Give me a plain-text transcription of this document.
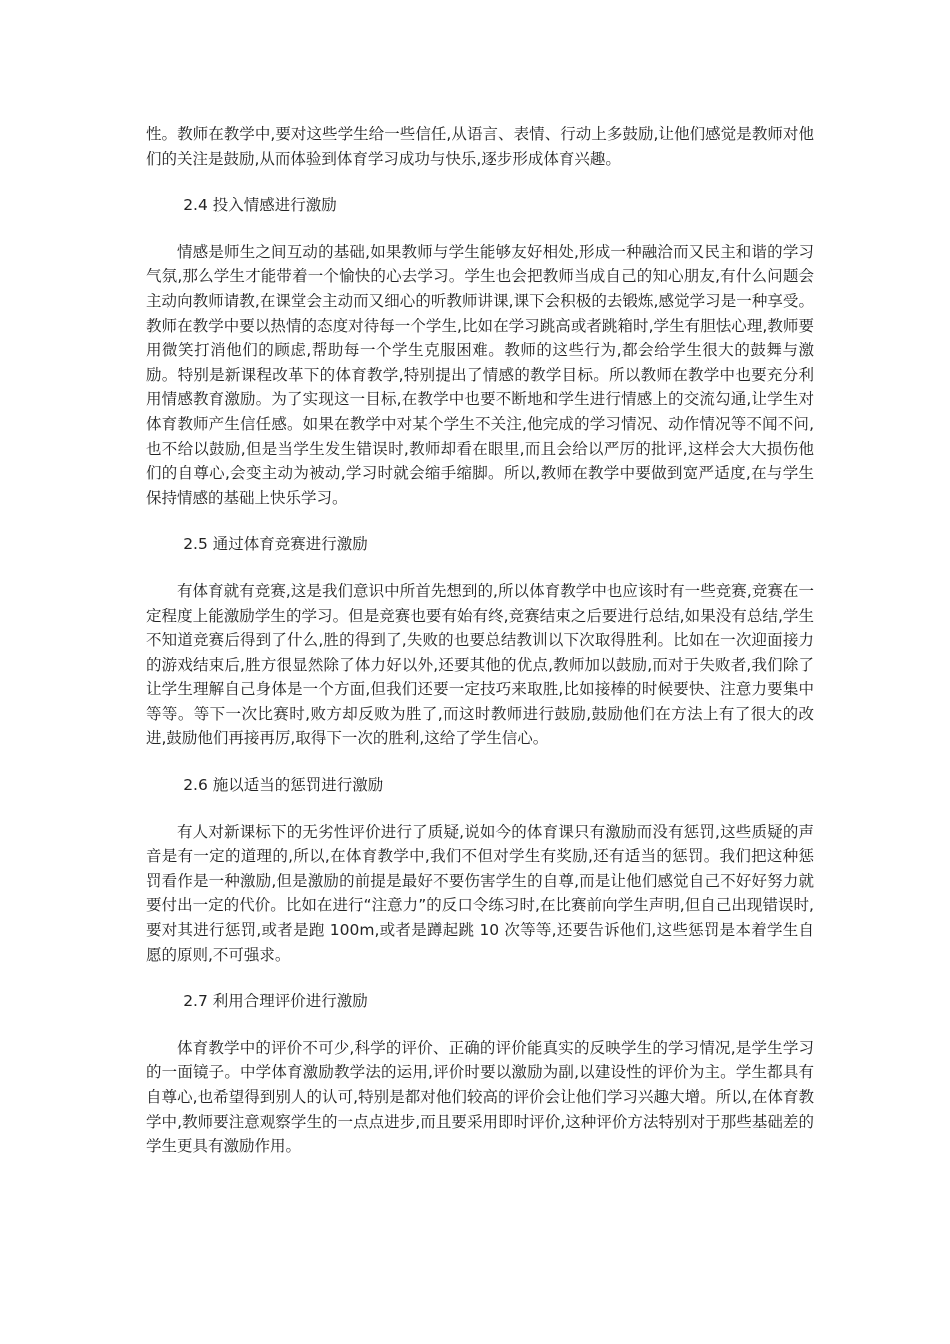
性。教师在教学中,要对这些学生给一些信任,从语言、表情、行动上多鼓励,让他们感觉是教师对他们的关注是鼓励,从而体验到体育学习成功与快乐,逐步形成体育兴趣。

2.4 投入情感进行激励

情感是师生之间互动的基础,如果教师与学生能够友好相处,形成一种融洽而又民主和谐的学习气氛,那么学生才能带着一个愉快的心去学习。学生也会把教师当成自己的知心朋友,有什么问题会主动向教师请教,在课堂会主动而又细心的听教师讲课,课下会积极的去锻炼,感觉学习是一种享受。教师在教学中要以热情的态度对待每一个学生,比如在学习跳高或者跳箱时,学生有胆怯心理,教师要用微笑打消他们的顾虑,帮助每一个学生克服困难。教师的这些行为,都会给学生很大的鼓舞与激励。特别是新课程改革下的体育教学,特别提出了情感的教学目标。所以教师在教学中也要充分利用情感教育激励。为了实现这一目标,在教学中也要不断地和学生进行情感上的交流勾通,让学生对体育教师产生信任感。如果在教学中对某个学生不关注,他完成的学习情况、动作情况等不闻不问,也不给以鼓励,但是当学生发生错误时,教师却看在眼里,而且会给以严厉的批评,这样会大大损伤他们的自尊心,会变主动为被动,学习时就会缩手缩脚。所以,教师在教学中要做到宽严适度,在与学生保持情感的基础上快乐学习。

2.5 通过体育竞赛进行激励

有体育就有竞赛,这是我们意识中所首先想到的,所以体育教学中也应该时有一些竞赛,竞赛在一定程度上能激励学生的学习。但是竞赛也要有始有终,竞赛结束之后要进行总结,如果没有总结,学生不知道竞赛后得到了什么,胜的得到了,失败的也要总结教训以下次取得胜利。比如在一次迎面接力的游戏结束后,胜方很显然除了体力好以外,还要其他的优点,教师加以鼓励,而对于失败者,我们除了让学生理解自己身体是一个方面,但我们还要一定技巧来取胜,比如接棒的时候要快、注意力要集中等等。等下一次比赛时,败方却反败为胜了,而这时教师进行鼓励,鼓励他们在方法上有了很大的改进,鼓励他们再接再厉,取得下一次的胜利,这给了学生信心。

2.6 施以适当的惩罚进行激励

有人对新课标下的无劣性评价进行了质疑,说如今的体育课只有激励而没有惩罚,这些质疑的声音是有一定的道理的,所以,在体育教学中,我们不但对学生有奖励,还有适当的惩罚。我们把这种惩罚看作是一种激励,但是激励的前提是最好不要伤害学生的自尊,而是让他们感觉自己不好好努力就要付出一定的代价。比如在进行“注意力”的反口令练习时,在比赛前向学生声明,但自己出现错误时,要对其进行惩罚,或者是跑 100m,或者是蹲起跳 10 次等等,还要告诉他们,这些惩罚是本着学生自愿的原则,不可强求。

2.7 利用合理评价进行激励

体育教学中的评价不可少,科学的评价、正确的评价能真实的反映学生的学习情况,是学生学习的一面镜子。中学体育激励教学法的运用,评价时要以激励为副,以建设性的评价为主。学生都具有自尊心,也希望得到别人的认可,特别是都对他们较高的评价会让他们学习兴趣大增。所以,在体育教学中,教师要注意观察学生的一点点进步,而且要采用即时评价,这种评价方法特别对于那些基础差的学生更具有激励作用。
